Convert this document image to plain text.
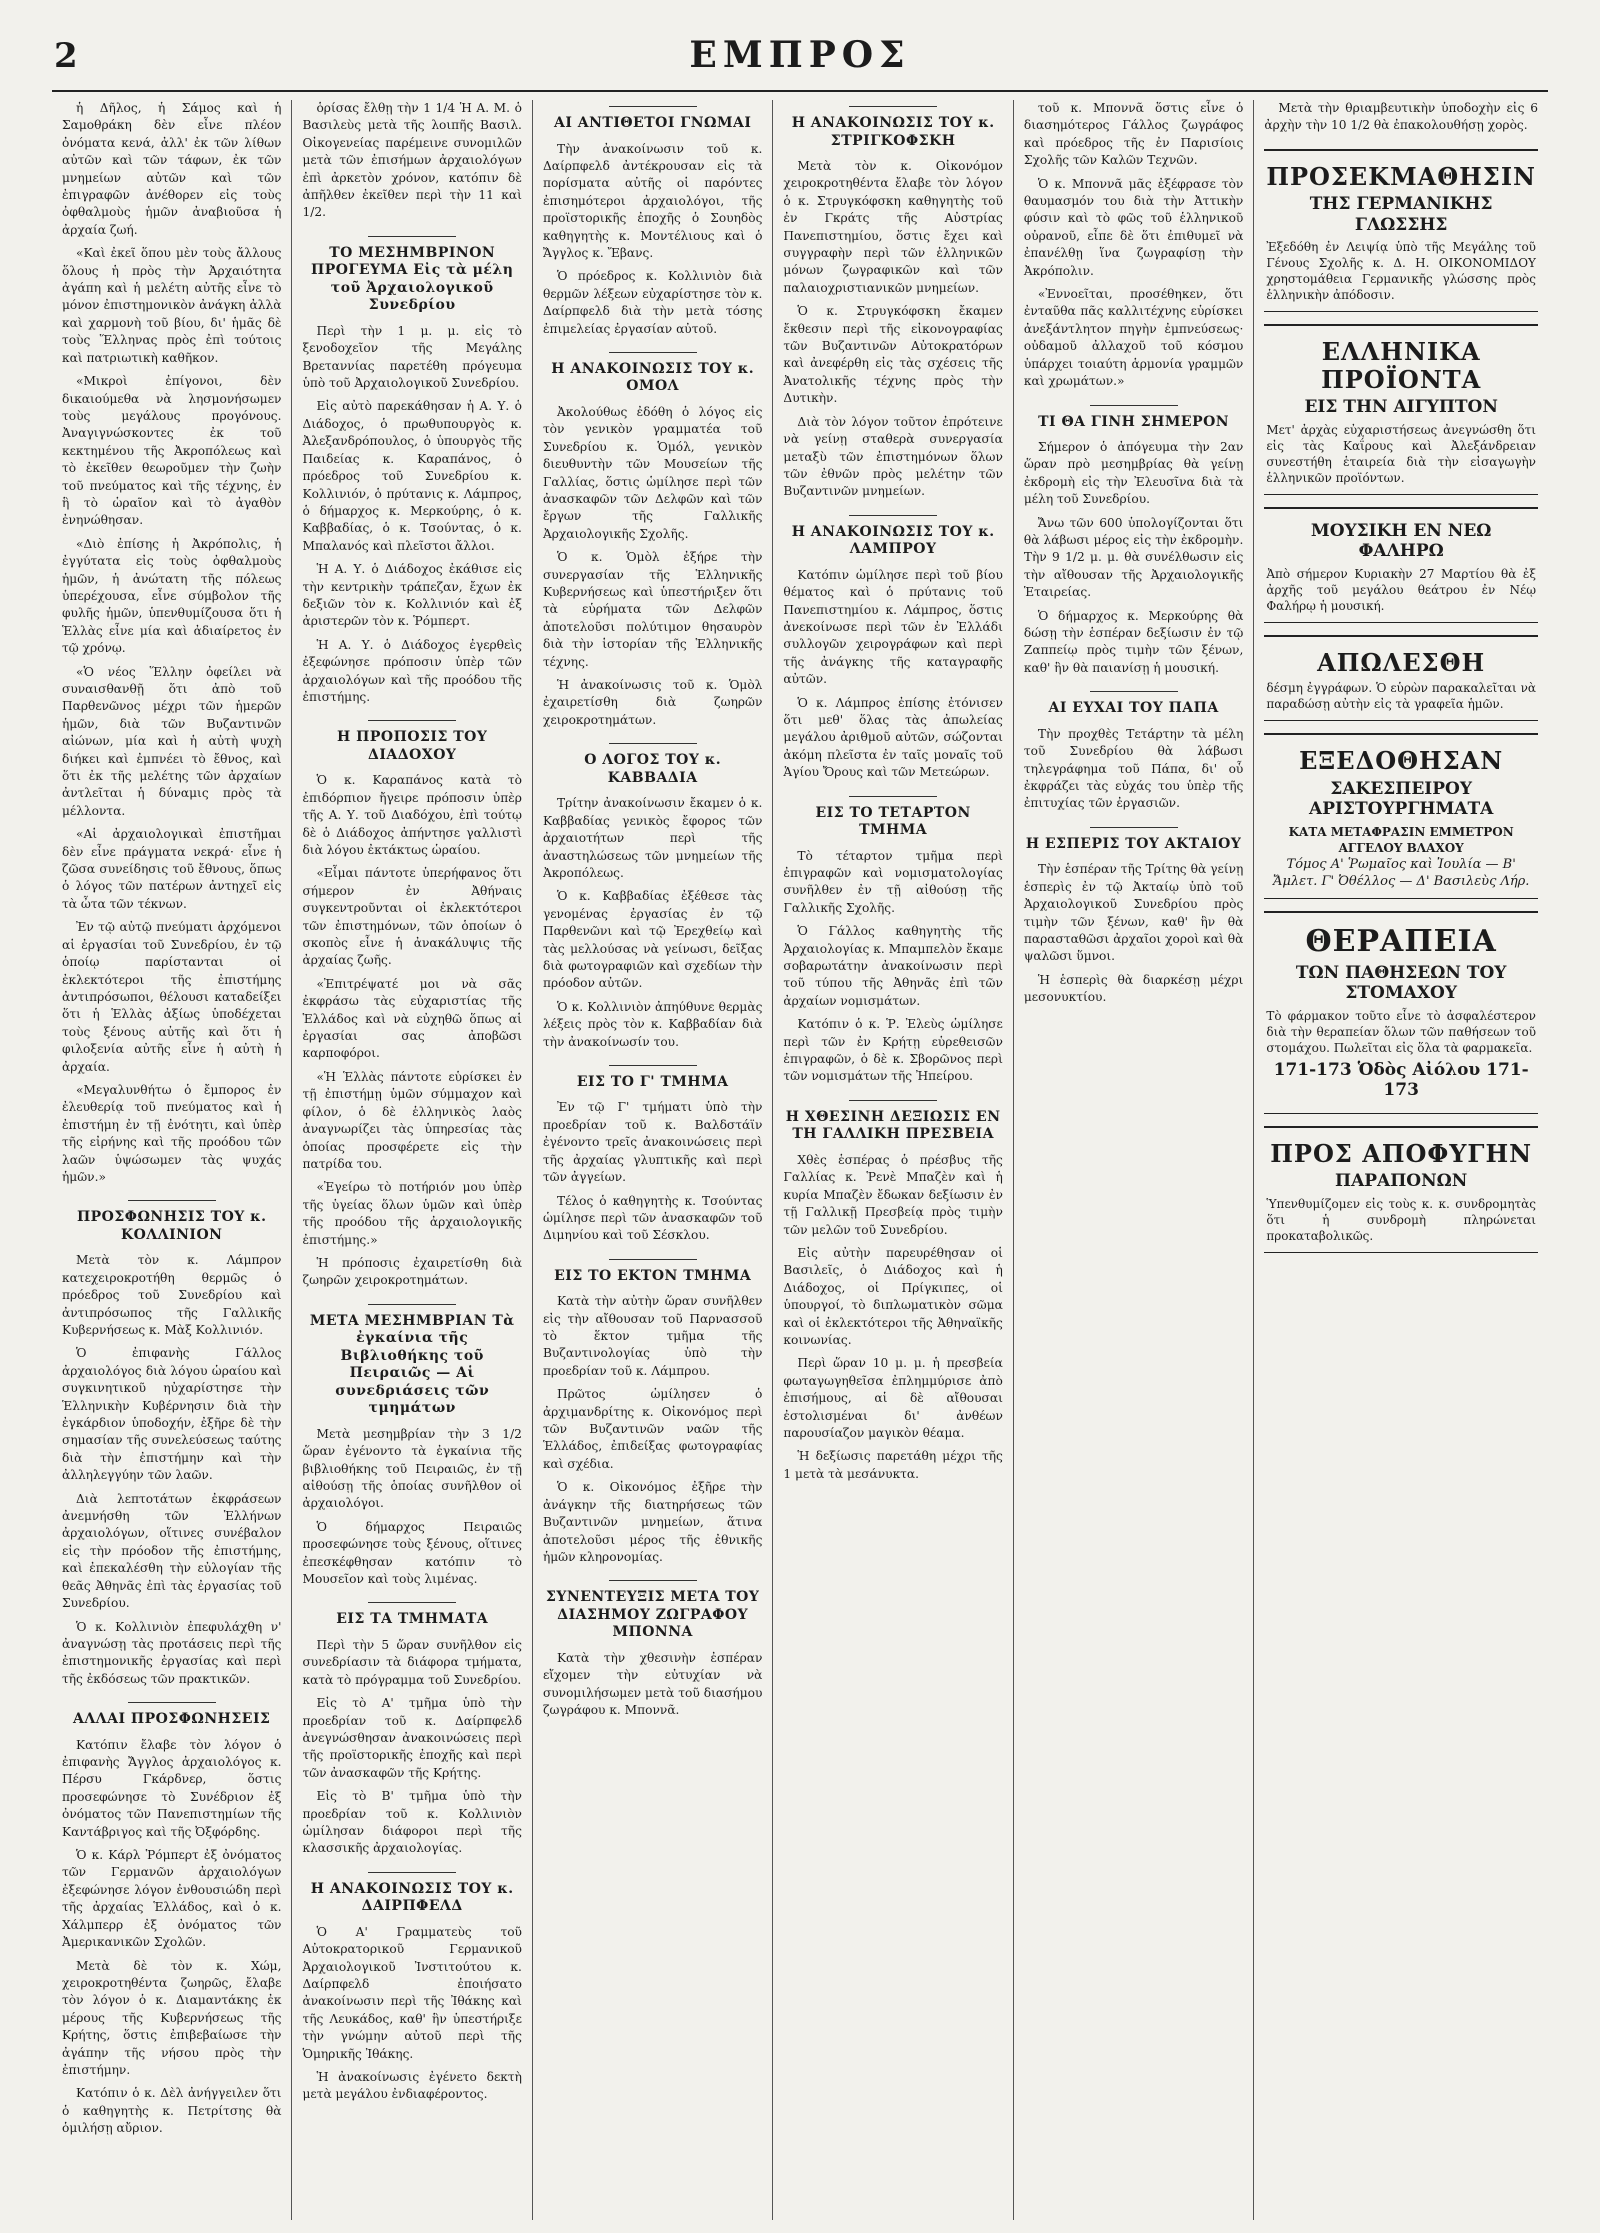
2	ΕΜΠΡΟΣ

ἡ Δῆλος, ἡ Σάμος καὶ ἡ Σαμοθράκη δὲν εἶνε πλέον ὀνόματα κενά, ἀλλ' ἐκ τῶν λίθων αὐτῶν καὶ τῶν τάφων, ἐκ τῶν μνημείων αὐτῶν καὶ τῶν ἐπιγραφῶν ἀνέθορεν εἰς τοὺς ὀφθαλμοὺς ἡμῶν ἀναβιοῦσα ἡ ἀρχαία ζωή.

«Καὶ ἐκεῖ ὅπου μὲν τοὺς ἄλλους ὅλους ἡ πρὸς τὴν Ἀρχαιότητα ἀγάπη καὶ ἡ μελέτη αὐτῆς εἶνε τὸ μόνον ἐπιστημονικὸν ἀνάγκη ἀλλὰ καὶ χαρμονὴ τοῦ βίου, δι' ἡμᾶς δὲ τοὺς Ἕλληνας πρὸς ἐπὶ τούτοις καὶ πατριωτικὴ καθῆκον.

«Μικροὶ ἐπίγονοι, δὲν δικαιούμεθα νὰ λησμονήσωμεν τοὺς μεγάλους προγόνους. Ἀναγιγνώσκοντες ἐκ τοῦ κεκτημένου τῆς Ἀκροπόλεως καὶ τὸ ἐκεῖθεν θεωροῦμεν τὴν ζωὴν τοῦ πνεύματος καὶ τῆς τέχνης, ἐν ἣ τὸ ὡραῖον καὶ τὸ ἀγαθὸν ἐνηνώθησαν.

«Διὸ ἐπίσης ἡ Ἀκρόπολις, ἡ ἐγγύτατα εἰς τοὺς ὀφθαλμοὺς ἡμῶν, ἡ ἀνώτατη τῆς πόλεως ὑπερέχουσα, εἶνε σύμβολον τῆς φυλῆς ἡμῶν, ὑπενθυμίζουσα ὅτι ἡ Ἑλλὰς εἶνε μία καὶ ἀδιαίρετος ἐν τῷ χρόνῳ.

«Ὁ νέος Ἕλλην ὀφείλει νὰ συναισθανθῇ ὅτι ἀπὸ τοῦ Παρθενῶνος μέχρι τῶν ἡμερῶν ἡμῶν, διὰ τῶν Βυζαντινῶν αἰώνων, μία καὶ ἡ αὐτὴ ψυχὴ διήκει καὶ ἐμπνέει τὸ ἔθνος, καὶ ὅτι ἐκ τῆς μελέτης τῶν ἀρχαίων ἀντλεῖται ἡ δύναμις πρὸς τὰ μέλλοντα.

«Αἱ ἀρχαιολογικαὶ ἐπιστῆμαι δὲν εἶνε πράγματα νεκρά· εἶνε ἡ ζῶσα συνείδησις τοῦ ἔθνους, ὅπως ὁ λόγος τῶν πατέρων ἀντηχεῖ εἰς τὰ ὦτα τῶν τέκνων.

Ἐν τῷ αὐτῷ πνεύματι ἀρχόμενοι αἱ ἐργασίαι τοῦ Συνεδρίου, ἐν τῷ ὁποίῳ παρίστανται οἱ ἐκλεκτότεροι τῆς ἐπιστήμης ἀντιπρόσωποι, θέλουσι καταδείξει ὅτι ἡ Ἑλλὰς ἀξίως ὑποδέχεται τοὺς ξένους αὐτῆς καὶ ὅτι ἡ φιλοξενία αὐτῆς εἶνε ἡ αὐτὴ ἡ ἀρχαία.

«Μεγαλυνθήτω ὁ ἔμπορος ἐν ἐλευθερίᾳ τοῦ πνεύματος καὶ ἡ ἐπιστήμη ἐν τῇ ἐνότητι, καὶ ὑπὲρ τῆς εἰρήνης καὶ τῆς προόδου τῶν λαῶν ὑψώσωμεν τὰς ψυχάς ἡμῶν.»

ΠΡΟΣΦΩΝΗΣΙΣ ΤΟΥ κ. ΚΟΛΛΙΝΙΟΝ

Μετὰ τὸν κ. Λάμπρον κατεχειροκροτήθη θερμῶς ὁ πρόεδρος τοῦ Συνεδρίου καὶ ἀντιπρόσωπος τῆς Γαλλικῆς Κυβερνήσεως κ. Μὰξ Κολλινιόν.

Ὁ ἐπιφανὴς Γάλλος ἀρχαιολόγος διὰ λόγου ὡραίου καὶ συγκινητικοῦ ηὐχαρίστησε τὴν Ἑλληνικὴν Κυβέρνησιν διὰ τὴν ἐγκάρδιον ὑποδοχήν, ἐξῆρε δὲ τὴν σημασίαν τῆς συνελεύσεως ταύτης διὰ τὴν ἐπιστήμην καὶ τὴν ἀλληλεγγύην τῶν λαῶν.

Διὰ λεπτοτάτων ἐκφράσεων ἀνεμνήσθη τῶν Ἑλλήνων ἀρχαιολόγων, οἵτινες συνέβαλον εἰς τὴν πρόοδον τῆς ἐπιστήμης, καὶ ἐπεκαλέσθη τὴν εὐλογίαν τῆς θεᾶς Ἀθηνᾶς ἐπὶ τὰς ἐργασίας τοῦ Συνεδρίου.

Ὁ κ. Κολλινιὸν ἐπεφυλάχθη ν' ἀναγνώσῃ τὰς προτάσεις περὶ τῆς ἐπιστημονικῆς ἐργασίας καὶ περὶ τῆς ἐκδόσεως τῶν πρακτικῶν.

ΑΛΛΑΙ ΠΡΟΣΦΩΝΗΣΕΙΣ

Κατόπιν ἔλαβε τὸν λόγον ὁ ἐπιφανὴς Ἄγγλος ἀρχαιολόγος κ. Πέρσυ Γκάρδνερ, ὅστις προσεφώνησε τὸ Συνέδριον ἐξ ὀνόματος τῶν Πανεπιστημίων τῆς Καντάβριγος καὶ τῆς Ὀξφόρδης.

Ὁ κ. Κάρλ Ῥόμπερτ ἐξ ὀνόματος τῶν Γερμανῶν ἀρχαιολόγων ἐξεφώνησε λόγον ἐνθουσιώδη περὶ τῆς ἀρχαίας Ἑλλάδος, καὶ ὁ κ. Χάλμπερρ ἐξ ὀνόματος τῶν Ἀμερικανικῶν Σχολῶν.

Μετὰ δὲ τὸν κ. Χώμ, χειροκροτηθέντα ζωηρῶς, ἔλαβε τὸν λόγον ὁ κ. Διαμαντάκης ἐκ μέρους τῆς Κυβερνήσεως τῆς Κρήτης, ὅστις ἐπιβεβαίωσε τὴν ἀγάπην τῆς νήσου πρὸς τὴν ἐπιστήμην.

Κατόπιν ὁ κ. Δὲλ ἀνήγγειλεν ὅτι ὁ καθηγητὴς κ. Πετρίτσης θὰ ὁμιλήσῃ αὔριον.

ὁρίσας ἔλθῃ τὴν 1 1/4 Ἡ Α. Μ. ὁ Βασιλεὺς μετὰ τῆς λοιπῆς Βασιλ. Οἰκογενείας παρέμεινε συνομιλῶν μετὰ τῶν ἐπισήμων ἀρχαιολόγων ἐπὶ ἀρκετὸν χρόνον, κατόπιν δὲ ἀπῆλθεν ἐκεῖθεν περὶ τὴν 11 καὶ 1/2.

ΤΟ ΜΕΣΗΜΒΡΙΝΟΝ ΠΡΟΓΕΥΜΑ Εἰς τὰ μέλη τοῦ Ἀρχαιολογικοῦ Συνεδρίου

Περὶ τὴν 1 μ. μ. εἰς τὸ ξενοδοχεῖον τῆς Μεγάλης Βρεταννίας παρετέθη πρόγευμα ὑπὸ τοῦ Ἀρχαιολογικοῦ Συνεδρίου.

Εἰς αὐτὸ παρεκάθησαν ἡ Α. Υ. ὁ Διάδοχος, ὁ πρωθυπουργὸς κ. Ἀλεξανδρόπουλος, ὁ ὑπουργὸς τῆς Παιδείας κ. Καραπάνος, ὁ πρόεδρος τοῦ Συνεδρίου κ. Κολλινιόν, ὁ πρύτανις κ. Λάμπρος, ὁ δήμαρχος κ. Μερκούρης, ὁ κ. Καββαδίας, ὁ κ. Τσούντας, ὁ κ. Μπαλανός καὶ πλεῖστοι ἄλλοι.

Ἡ Α. Υ. ὁ Διάδοχος ἐκάθισε εἰς τὴν κεντρικὴν τράπεζαν, ἔχων ἐκ δεξιῶν τὸν κ. Κολλινιόν καὶ ἐξ ἀριστερῶν τὸν κ. Ῥόμπερτ.

Ἡ Α. Υ. ὁ Διάδοχος ἐγερθεὶς ἐξεφώνησε πρόποσιν ὑπὲρ τῶν ἀρχαιολόγων καὶ τῆς προόδου τῆς ἐπιστήμης.

Η ΠΡΟΠΟΣΙΣ ΤΟΥ ΔΙΑΔΟΧΟΥ

Ὁ κ. Καραπάνος κατὰ τὸ ἐπιδόρπιον ἤγειρε πρόποσιν ὑπὲρ τῆς Α. Υ. τοῦ Διαδόχου, ἐπὶ τούτῳ δὲ ὁ Διάδοχος ἀπήντησε γαλλιστὶ διὰ λόγου ἐκτάκτως ὡραίου.

«Εἶμαι πάντοτε ὑπερήφανος ὅτι σήμερον ἐν Ἀθήναις συγκεντροῦνται οἱ ἐκλεκτότεροι τῶν ἐπιστημόνων, τῶν ὁποίων ὁ σκοπὸς εἶνε ἡ ἀνακάλυψις τῆς ἀρχαίας ζωῆς.

«Ἐπιτρέψατέ μοι νὰ σᾶς ἐκφράσω τὰς εὐχαριστίας τῆς Ἑλλάδος καὶ νὰ εὐχηθῶ ὅπως αἱ ἐργασίαι σας ἀποβῶσι καρποφόροι.

«Ἡ Ἑλλὰς πάντοτε εὑρίσκει ἐν τῇ ἐπιστήμῃ ὑμῶν σύμμαχον καὶ φίλον, ὁ δὲ ἑλληνικὸς λαὸς ἀναγνωρίζει τὰς ὑπηρεσίας τὰς ὁποίας προσφέρετε εἰς τὴν πατρίδα του.

«Ἐγείρω τὸ ποτήριόν μου ὑπὲρ τῆς ὑγείας ὅλων ὑμῶν καὶ ὑπὲρ τῆς προόδου τῆς ἀρχαιολογικῆς ἐπιστήμης.»

Ἡ πρόποσις ἐχαιρετίσθη διὰ ζωηρῶν χειροκροτημάτων.

ΜΕΤΑ ΜΕΣΗΜΒΡΙΑΝ Τὰ ἐγκαίνια τῆς Βιβλιοθήκης τοῦ Πειραιῶς — Αἱ συνεδριάσεις τῶν τμημάτων

Μετὰ μεσημβρίαν τὴν 3 1/2 ὥραν ἐγένοντο τὰ ἐγκαίνια τῆς βιβλιοθήκης τοῦ Πειραιῶς, ἐν τῇ αἰθούσῃ τῆς ὁποίας συνῆλθον οἱ ἀρχαιολόγοι.

Ὁ δήμαρχος Πειραιῶς προσεφώνησε τοὺς ξένους, οἵτινες ἐπεσκέφθησαν κατόπιν τὸ Μουσεῖον καὶ τοὺς λιμένας.

ΕΙΣ ΤΑ ΤΜΗΜΑΤΑ

Περὶ τὴν 5 ὥραν συνῆλθον εἰς συνεδρίασιν τὰ διάφορα τμήματα, κατὰ τὸ πρόγραμμα τοῦ Συνεδρίου.

Εἰς τὸ Α' τμῆμα ὑπὸ τὴν προεδρίαν τοῦ κ. Δαίρπφελδ ἀνεγνώσθησαν ἀνακοινώσεις περὶ τῆς προϊστορικῆς ἐποχῆς καὶ περὶ τῶν ἀνασκαφῶν τῆς Κρήτης.

Εἰς τὸ Β' τμῆμα ὑπὸ τὴν προεδρίαν τοῦ κ. Κολλινιὸν ὡμίλησαν διάφοροι περὶ τῆς κλασσικῆς ἀρχαιολογίας.

Η ΑΝΑΚΟΙΝΩΣΙΣ ΤΟΥ κ. ΔΑΙΡΠΦΕΛΔ

Ὁ Α' Γραμματεὺς τοῦ Αὐτοκρατορικοῦ Γερμανικοῦ Ἀρχαιολογικοῦ Ἰνστιτούτου κ. Δαίρπφελδ ἐποιήσατο ἀνακοίνωσιν περὶ τῆς Ἰθάκης καὶ τῆς Λευκάδος, καθ' ἣν ὑπεστήριξε τὴν γνώμην αὐτοῦ περὶ τῆς Ὁμηρικῆς Ἰθάκης.

Ἡ ἀνακοίνωσις ἐγένετο δεκτὴ μετὰ μεγάλου ἐνδιαφέροντος.

ΑΙ ΑΝΤΙΘΕΤΟΙ ΓΝΩΜΑΙ

Τὴν ἀνακοίνωσιν τοῦ κ. Δαίρπφελδ ἀντέκρουσαν εἰς τὰ πορίσματα αὐτῆς οἱ παρόντες ἐπισημότεροι ἀρχαιολόγοι, τῆς προϊστορικῆς ἐποχῆς ὁ Σουηδὸς καθηγητὴς κ. Μοντέλιους καὶ ὁ Ἄγγλος κ. Ἔβανς.

Ὁ πρόεδρος κ. Κολλινιὸν διὰ θερμῶν λέξεων εὐχαρίστησε τὸν κ. Δαίρπφελδ διὰ τὴν μετὰ τόσης ἐπιμελείας ἐργασίαν αὐτοῦ.

Η ΑΝΑΚΟΙΝΩΣΙΣ ΤΟΥ κ. ΟΜΟΛ

Ἀκολούθως ἐδόθη ὁ λόγος εἰς τὸν γενικὸν γραμματέα τοῦ Συνεδρίου κ. Ὁμόλ, γενικὸν διευθυντὴν τῶν Μουσείων τῆς Γαλλίας, ὅστις ὡμίλησε περὶ τῶν ἀνασκαφῶν τῶν Δελφῶν καὶ τῶν ἔργων τῆς Γαλλικῆς Ἀρχαιολογικῆς Σχολῆς.

Ὁ κ. Ὁμὸλ ἐξήρε τὴν συνεργασίαν τῆς Ἑλληνικῆς Κυβερνήσεως καὶ ὑπεστήριξεν ὅτι τὰ εὑρήματα τῶν Δελφῶν ἀποτελοῦσι πολύτιμον θησαυρὸν διὰ τὴν ἱστορίαν τῆς Ἑλληνικῆς τέχνης.

Ἡ ἀνακοίνωσις τοῦ κ. Ὁμὸλ ἐχαιρετίσθη διὰ ζωηρῶν χειροκροτημάτων.

Ο ΛΟΓΟΣ ΤΟΥ κ. ΚΑΒΒΑΔΙΑ

Τρίτην ἀνακοίνωσιν ἔκαμεν ὁ κ. Καββαδίας γενικὸς ἔφορος τῶν ἀρχαιοτήτων περὶ τῆς ἀναστηλώσεως τῶν μνημείων τῆς Ἀκροπόλεως.

Ὁ κ. Καββαδίας ἐξέθεσε τὰς γενομένας ἐργασίας ἐν τῷ Παρθενῶνι καὶ τῷ Ἐρεχθείῳ καὶ τὰς μελλούσας νὰ γείνωσι, δεῖξας διὰ φωτογραφιῶν καὶ σχεδίων τὴν πρόοδον αὐτῶν.

Ὁ κ. Κολλινιὸν ἀπηύθυνε θερμὰς λέξεις πρὸς τὸν κ. Καββαδίαν διὰ τὴν ἀνακοίνωσίν του.

ΕΙΣ ΤΟ Γ' ΤΜΗΜΑ

Ἐν τῷ Γ' τμήματι ὑπὸ τὴν προεδρίαν τοῦ κ. Βαλδστάϊν ἐγένοντο τρεῖς ἀνακοινώσεις περὶ τῆς ἀρχαίας γλυπτικῆς καὶ περὶ τῶν ἀγγείων.

Τέλος ὁ καθηγητὴς κ. Τσούντας ὡμίλησε περὶ τῶν ἀνασκαφῶν τοῦ Διμηνίου καὶ τοῦ Σέσκλου.

ΕΙΣ ΤΟ ΕΚΤΟΝ ΤΜΗΜΑ

Κατὰ τὴν αὐτὴν ὥραν συνῆλθεν εἰς τὴν αἴθουσαν τοῦ Παρνασσοῦ τὸ ἕκτον τμῆμα τῆς Βυζαντινολογίας ὑπὸ τὴν προεδρίαν τοῦ κ. Λάμπρου.

Πρῶτος ὡμίλησεν ὁ ἀρχιμανδρίτης κ. Οἰκονόμος περὶ τῶν Βυζαντινῶν ναῶν τῆς Ἑλλάδος, ἐπιδείξας φωτογραφίας καὶ σχέδια.

Ὁ κ. Οἰκονόμος ἐξῆρε τὴν ἀνάγκην τῆς διατηρήσεως τῶν Βυζαντινῶν μνημείων, ἅτινα ἀποτελοῦσι μέρος τῆς ἐθνικῆς ἡμῶν κληρονομίας.

ΣΥΝΕΝΤΕΥΞΙΣ ΜΕΤΑ ΤΟΥ ΔΙΑΣΗΜΟΥ ΖΩΓΡΑΦΟΥ ΜΠΟΝΝΑ

Κατὰ τὴν χθεσινὴν ἐσπέραν εἴχομεν τὴν εὐτυχίαν νὰ συνομιλήσωμεν μετὰ τοῦ διασήμου ζωγράφου κ. Μποννᾶ.

Η ΑΝΑΚΟΙΝΩΣΙΣ ΤΟΥ κ. ΣΤΡΙΓΚΟΦΣΚΗ

Μετὰ τὸν κ. Οἰκονόμον χειροκροτηθέντα ἔλαβε τὸν λόγον ὁ κ. Στρυγκόφσκη καθηγητὴς τοῦ ἐν Γκράτς τῆς Αὐστρίας Πανεπιστημίου, ὅστις ἔχει καὶ συγγραφὴν περὶ τῶν ἑλληνικῶν μόνων ζωγραφικῶν καὶ τῶν παλαιοχριστιανικῶν μνημείων.

Ὁ κ. Στρυγκόφσκη ἔκαμεν ἔκθεσιν περὶ τῆς εἰκονογραφίας τῶν Βυζαντινῶν Αὐτοκρατόρων καὶ ἀνεφέρθη εἰς τὰς σχέσεις τῆς Ἀνατολικῆς τέχνης πρὸς τὴν Δυτικὴν.

Διὰ τὸν λόγον τοῦτον ἐπρότεινε νὰ γείνῃ σταθερὰ συνεργασία μεταξὺ τῶν ἐπιστημόνων ὅλων τῶν ἐθνῶν πρὸς μελέτην τῶν Βυζαντινῶν μνημείων.

Η ΑΝΑΚΟΙΝΩΣΙΣ ΤΟΥ κ. ΛΑΜΠΡΟΥ

Κατόπιν ὡμίλησε περὶ τοῦ βίου θέματος καὶ ὁ πρύτανις τοῦ Πανεπιστημίου κ. Λάμπρος, ὅστις ἀνεκοίνωσε περὶ τῶν ἐν Ἑλλάδι συλλογῶν χειρογράφων καὶ περὶ τῆς ἀνάγκης τῆς καταγραφῆς αὐτῶν.

Ὁ κ. Λάμπρος ἐπίσης ἐτόνισεν ὅτι μεθ' ὅλας τὰς ἀπωλείας μεγάλου ἀριθμοῦ αὐτῶν, σώζονται ἀκόμη πλεῖστα ἐν ταῖς μοναῖς τοῦ Ἁγίου Ὄρους καὶ τῶν Μετεώρων.

ΕΙΣ ΤΟ ΤΕΤΑΡΤΟΝ ΤΜΗΜΑ

Τὸ τέταρτον τμῆμα περὶ ἐπιγραφῶν καὶ νομισματολογίας συνῆλθεν ἐν τῇ αἰθούσῃ τῆς Γαλλικῆς Σχολῆς.

Ὁ Γάλλος καθηγητὴς τῆς Ἀρχαιολογίας κ. Μπαμπελὸν ἔκαμε σοβαρωτάτην ἀνακοίνωσιν περὶ τοῦ τύπου τῆς Ἀθηνᾶς ἐπὶ τῶν ἀρχαίων νομισμάτων.

Κατόπιν ὁ κ. Ῥ. Ἐλεὺς ὡμίλησε περὶ τῶν ἐν Κρήτῃ εὑρεθεισῶν ἐπιγραφῶν, ὁ δὲ κ. Σβορῶνος περὶ τῶν νομισμάτων τῆς Ἠπείρου.

Η ΧΘΕΣΙΝΗ ΔΕΞΙΩΣΙΣ ΕΝ ΤΗ ΓΑΛΛΙΚΗ ΠΡΕΣΒΕΙΑ

Χθὲς ἑσπέρας ὁ πρέσβυς τῆς Γαλλίας κ. Ῥενὲ Μπαζὲν καὶ ἡ κυρία Μπαζὲν ἔδωκαν δεξίωσιν ἐν τῇ Γαλλικῇ Πρεσβείᾳ πρὸς τιμὴν τῶν μελῶν τοῦ Συνεδρίου.

Εἰς αὐτὴν παρευρέθησαν οἱ Βασιλεῖς, ὁ Διάδοχος καὶ ἡ Διάδοχος, οἱ Πρίγκιπες, οἱ ὑπουργοί, τὸ διπλωματικὸν σῶμα καὶ οἱ ἐκλεκτότεροι τῆς Ἀθηναϊκῆς κοινωνίας.

Περὶ ὥραν 10 μ. μ. ἡ πρεσβεία φωταγωγηθεῖσα ἐπλημμύρισε ἀπὸ ἐπισήμους, αἱ δὲ αἴθουσαι ἐστολισμέναι δι' ἀνθέων παρουσίαζον μαγικὸν θέαμα.

Ἡ δεξίωσις παρετάθη μέχρι τῆς 1 μετὰ τὰ μεσάνυκτα.

τοῦ κ. Μποννᾶ ὅστις εἶνε ὁ διασημότερος Γάλλος ζωγράφος καὶ πρόεδρος τῆς ἐν Παρισίοις Σχολῆς τῶν Καλῶν Τεχνῶν.

Ὁ κ. Μποννᾶ μᾶς ἐξέφρασε τὸν θαυμασμόν του διὰ τὴν Ἀττικὴν φύσιν καὶ τὸ φῶς τοῦ ἑλληνικοῦ οὐρανοῦ, εἶπε δὲ ὅτι ἐπιθυμεῖ νὰ ἐπανέλθῃ ἵνα ζωγραφίσῃ τὴν Ἀκρόπολιν.

«Ἐννοεῖται, προσέθηκεν, ὅτι ἐνταῦθα πᾶς καλλιτέχνης εὑρίσκει ἀνεξάντλητον πηγὴν ἐμπνεύσεως· οὐδαμοῦ ἀλλαχοῦ τοῦ κόσμου ὑπάρχει τοιαύτη ἁρμονία γραμμῶν καὶ χρωμάτων.»

ΤΙ ΘΑ ΓΙΝΗ ΣΗΜΕΡΟΝ

Σήμερον ὁ ἀπόγευμα τὴν 2αν ὥραν πρὸ μεσημβρίας θὰ γείνῃ ἐκδρομὴ εἰς τὴν Ἐλευσῖνα διὰ τὰ μέλη τοῦ Συνεδρίου.

Ἄνω τῶν 600 ὑπολογίζονται ὅτι θὰ λάβωσι μέρος εἰς τὴν ἐκδρομὴν. Τὴν 9 1/2 μ. μ. θὰ συνέλθωσιν εἰς τὴν αἴθουσαν τῆς Ἀρχαιολογικῆς Ἑταιρείας.

Ὁ δήμαρχος κ. Μερκούρης θὰ δώσῃ τὴν ἑσπέραν δεξίωσιν ἐν τῷ Ζαππείῳ πρὸς τιμὴν τῶν ξένων, καθ' ἣν θὰ παιανίσῃ ἡ μουσική.

ΑΙ ΕΥΧΑΙ ΤΟΥ ΠΑΠΑ

Τὴν προχθὲς Τετάρτην τὰ μέλη τοῦ Συνεδρίου θὰ λάβωσι τηλεγράφημα τοῦ Πάπα, δι' οὗ ἐκφράζει τὰς εὐχάς του ὑπὲρ τῆς ἐπιτυχίας τῶν ἐργασιῶν.

Η ΕΣΠΕΡΙΣ ΤΟΥ ΑΚΤΑΙΟΥ

Τὴν ἑσπέραν τῆς Τρίτης θὰ γείνῃ ἑσπερὶς ἐν τῷ Ἀκταίῳ ὑπὸ τοῦ Ἀρχαιολογικοῦ Συνεδρίου πρὸς τιμὴν τῶν ξένων, καθ' ἣν θὰ παρασταθῶσι ἀρχαῖοι χοροὶ καὶ θὰ ψαλῶσι ὕμνοι.

Ἡ ἑσπερὶς θὰ διαρκέσῃ μέχρι μεσονυκτίου.

Μετὰ τὴν θριαμβευτικὴν ὑποδοχὴν εἰς 6 ἀρχὴν τὴν 10 1/2 θὰ ἐπακολουθήσῃ χορὸς.

ΠΡΟΣΕΚΜΑΘΗΣΙΝ
ΤΗΣ ΓΕΡΜΑΝΙΚΗΣ ΓΛΩΣΣΗΣ
Ἐξεδόθη ἐν Λειψίᾳ ὑπὸ τῆς Μεγάλης τοῦ Γένους Σχολῆς κ. Δ. Η. ΟΙΚΟΝΟΜΙΔΟΥ χρηστομάθεια Γερμανικῆς γλώσσης πρὸς ἑλληνικὴν ἀπόδοσιν.
ΕΛΛΗΝΙΚΑ ΠΡΟΪΟΝΤΑ
ΕΙΣ ΤΗΝ ΑΙΓΥΠΤΟΝ
Μετ' ἀρχὰς εὐχαριστήσεως ἀνεγνώσθη ὅτι εἰς τὰς Καΐρους καὶ Ἀλεξάνδρειαν συνεστήθη ἑταιρεία διὰ τὴν εἰσαγωγὴν ἑλληνικῶν προϊόντων.
ΜΟΥΣΙΚΗ ΕΝ ΝΕΩ ΦΑΛΗΡΩ
Ἀπὸ σήμερον Κυριακὴν 27 Μαρτίου θὰ ἐξ ἀρχῆς τοῦ μεγάλου θεάτρου ἐν Νέῳ Φαλήρῳ ἡ μουσική.
ΑΠΩΛΕΣΘΗ
δέσμη ἐγγράφων. Ὁ εὑρὼν παρακαλεῖται νὰ παραδώσῃ αὐτὴν εἰς τὰ γραφεῖα ἡμῶν.
ΕΞΕΔΟΘΗΣΑΝ
ΣΑΚΕΣΠΕΙΡΟΥ ΑΡΙΣΤΟΥΡΓΗΜΑΤΑ
ΚΑΤΑ ΜΕΤΑΦΡΑΣΙΝ ΕΜΜΕΤΡΟΝ ΑΓΓΕΛΟΥ ΒΛΑΧΟΥ
Τόμος Α' Ῥωμαῖος καὶ Ἰουλία — Β' Ἄμλετ. Γ' Ὀθέλλος — Δ' Βασιλεὺς Λήρ.
ΘΕΡΑΠΕΙΑ
ΤΩΝ ΠΑΘΗΣΕΩΝ ΤΟΥ ΣΤΟΜΑΧΟΥ
Τὸ φάρμακον τοῦτο εἶνε τὸ ἀσφαλέστερον διὰ τὴν θεραπείαν ὅλων τῶν παθήσεων τοῦ στομάχου. Πωλεῖται εἰς ὅλα τὰ φαρμακεῖα.
171-173 Ὁδὸς Αἰόλου 171-173
ΠΡΟΣ ΑΠΟΦΥΓΗΝ
ΠΑΡΑΠΟΝΩΝ
Ὑπενθυμίζομεν εἰς τοὺς κ. κ. συνδρομητὰς ὅτι ἡ συνδρομὴ πληρώνεται προκαταβολικῶς.
